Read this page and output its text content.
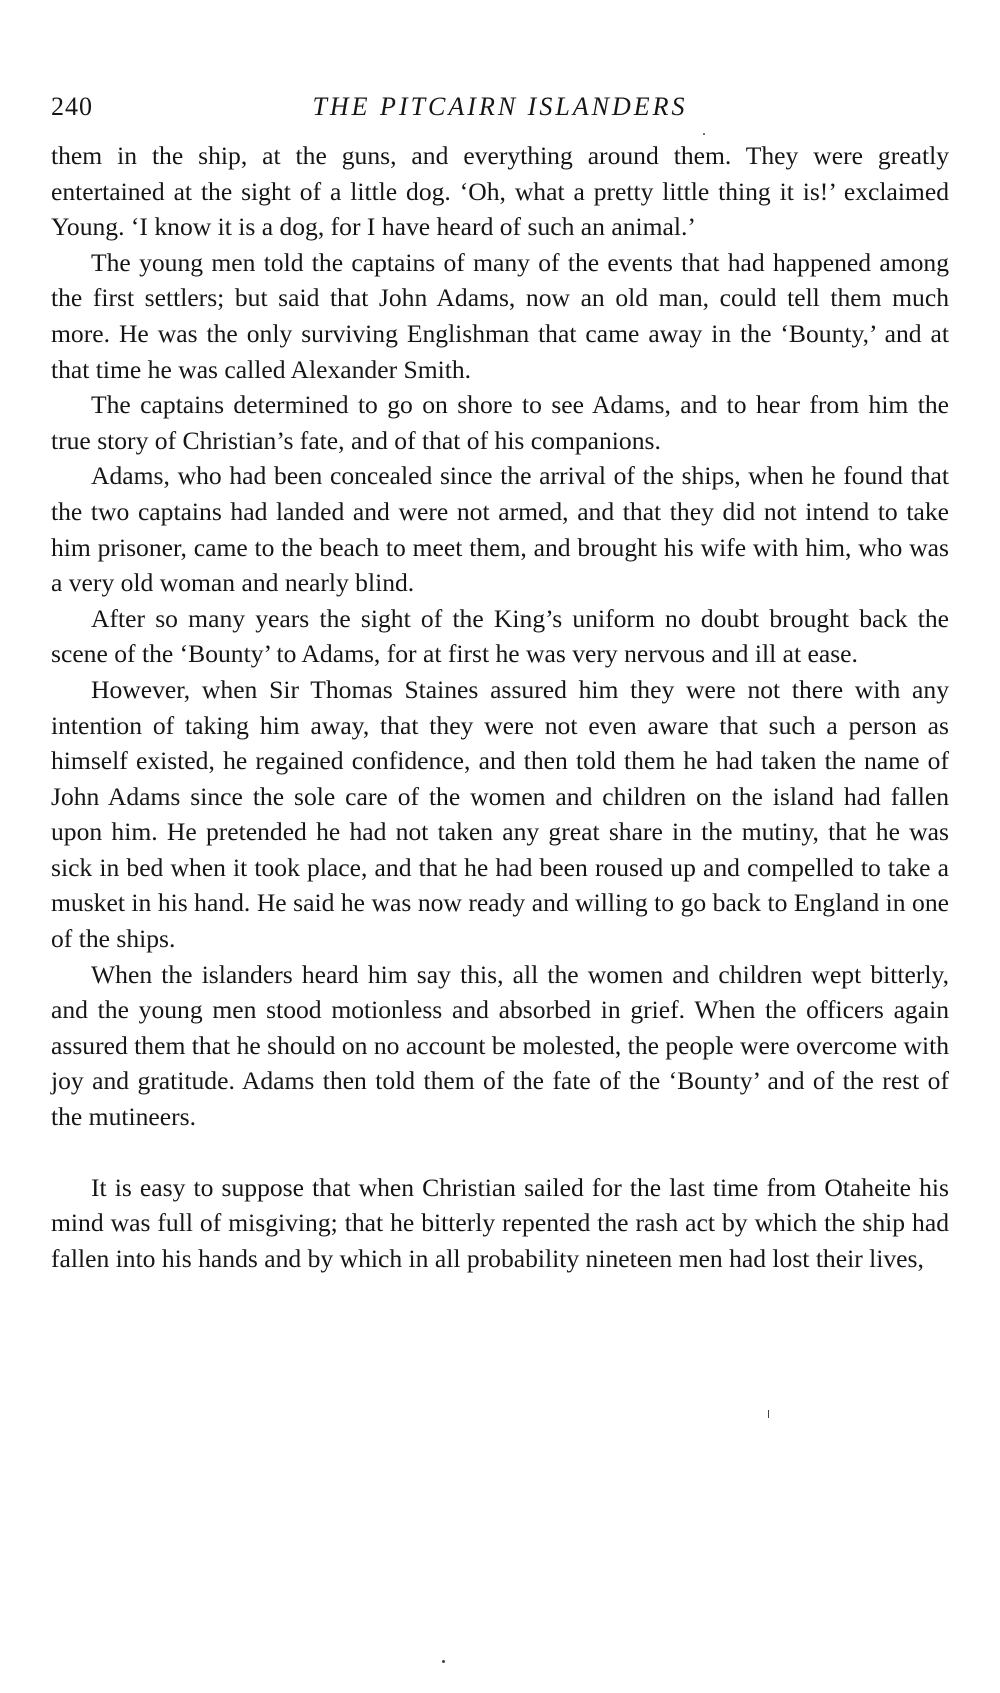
240	THE PITCAIRN ISLANDERS

them in the ship, at the guns, and everything around them. They were greatly entertained at the sight of a little dog. ‘Oh, what a pretty little thing it is!’ exclaimed Young. ‘I know it is a dog, for I have heard of such an animal.’

The young men told the captains of many of the events that had happened among the first settlers; but said that John Adams, now an old man, could tell them much more. He was the only surviving Englishman that came away in the ‘Bounty,’ and at that time he was called Alexander Smith.

The captains determined to go on shore to see Adams, and to hear from him the true story of Christian’s fate, and of that of his companions.

Adams, who had been concealed since the arrival of the ships, when he found that the two captains had landed and were not armed, and that they did not intend to take him prisoner, came to the beach to meet them, and brought his wife with him, who was a very old woman and nearly blind.

After so many years the sight of the King’s uniform no doubt brought back the scene of the ‘Bounty’ to Adams, for at first he was very nervous and ill at ease.

However, when Sir Thomas Staines assured him they were not there with any intention of taking him away, that they were not even aware that such a person as himself existed, he regained confidence, and then told them he had taken the name of John Adams since the sole care of the women and children on the island had fallen upon him. He pretended he had not taken any great share in the mutiny, that he was sick in bed when it took place, and that he had been roused up and compelled to take a musket in his hand. He said he was now ready and willing to go back to England in one of the ships.

When the islanders heard him say this, all the women and children wept bitterly, and the young men stood motionless and absorbed in grief. When the officers again assured them that he should on no account be molested, the people were overcome with joy and gratitude. Adams then told them of the fate of the ‘Bounty’ and of the rest of the mutineers.

It is easy to suppose that when Christian sailed for the last time from Otaheite his mind was full of misgiving; that he bitterly repented the rash act by which the ship had fallen into his hands and by which in all probability nineteen men had lost their lives,
